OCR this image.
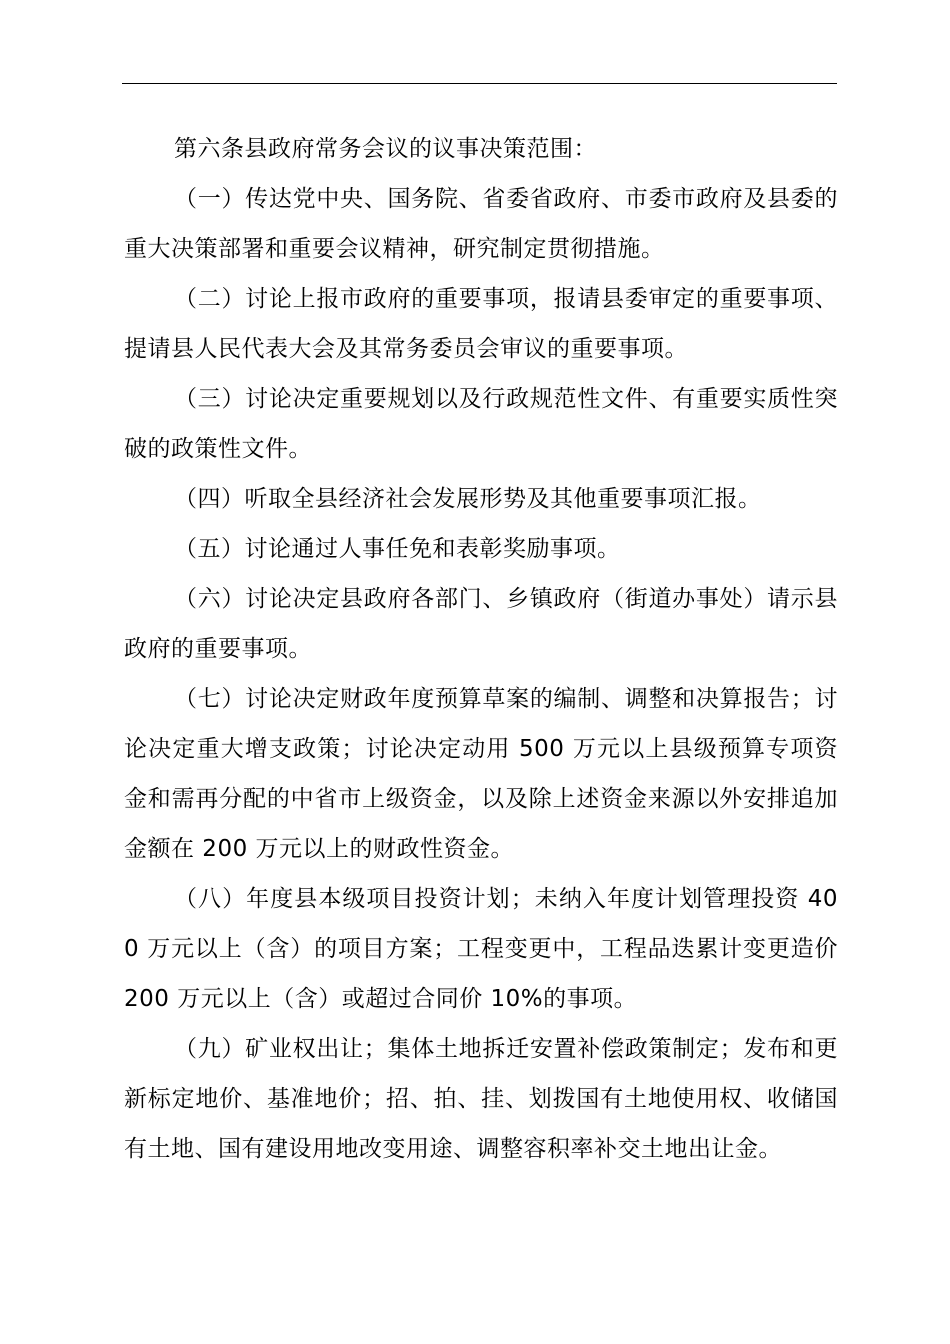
第六条县政府常务会议的议事决策范围：

（一）传达党中央、国务院、省委省政府、市委市政府及县委的重大决策部署和重要会议精神，研究制定贯彻措施。

（二）讨论上报市政府的重要事项，报请县委审定的重要事项、提请县人民代表大会及其常务委员会审议的重要事项。

（三）讨论决定重要规划以及行政规范性文件、有重要实质性突破的政策性文件。

（四）听取全县经济社会发展形势及其他重要事项汇报。

（五）讨论通过人事任免和表彰奖励事项。

（六）讨论决定县政府各部门、乡镇政府（街道办事处）请示县政府的重要事项。

（七）讨论决定财政年度预算草案的编制、调整和决算报告；讨论决定重大增支政策；讨论决定动用 500 万元以上县级预算专项资金和需再分配的中省市上级资金，以及除上述资金来源以外安排追加金额在 200 万元以上的财政性资金。

（八）年度县本级项目投资计划；未纳入年度计划管理投资 400 万元以上（含）的项目方案；工程变更中，工程品迭累计变更造价 200 万元以上（含）或超过合同价 10%的事项。

（九）矿业权出让；集体土地拆迁安置补偿政策制定；发布和更新标定地价、基准地价；招、拍、挂、划拨国有土地使用权、收储国有土地、国有建设用地改变用途、调整容积率补交土地出让金。
